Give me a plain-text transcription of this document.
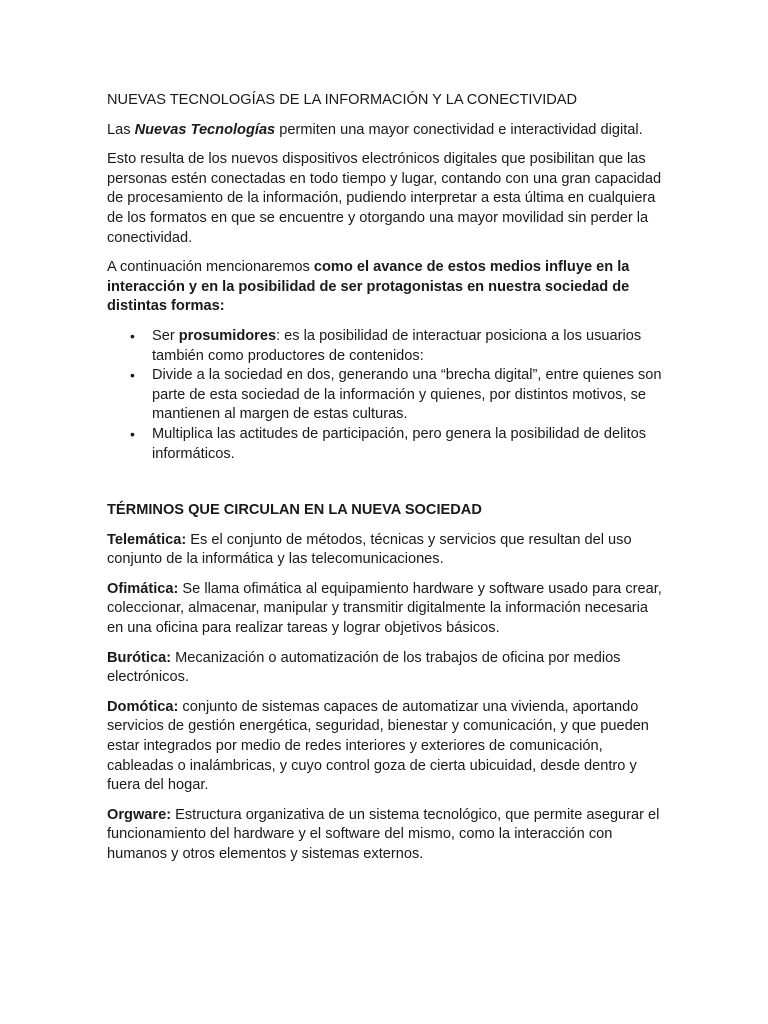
NUEVAS TECNOLOGÍAS DE LA INFORMACIÓN Y LA CONECTIVIDAD

Las Nuevas Tecnologías permiten una mayor conectividad e interactividad digital.

Esto resulta de los nuevos dispositivos electrónicos digitales que posibilitan que las personas estén conectadas en todo tiempo y lugar, contando con una gran capacidad de procesamiento de la información, pudiendo interpretar a esta última en cualquiera de los formatos en que se encuentre y otorgando una mayor movilidad sin perder la conectividad.

A continuación mencionaremos como el avance de estos medios influye en la interacción y en la posibilidad de ser protagonistas en nuestra sociedad de distintas formas:

• Ser prosumidores: es la posibilidad de interactuar posiciona a los usuarios también como productores de contenidos:
• Divide a la sociedad en dos, generando una “brecha digital”, entre quienes son parte de esta sociedad de la información y quienes, por distintos motivos, se mantienen al margen de estas culturas.
• Multiplica las actitudes de participación, pero genera la posibilidad de delitos informáticos.

TÉRMINOS QUE CIRCULAN EN LA NUEVA SOCIEDAD

Telemática: Es el conjunto de métodos, técnicas y servicios que resultan del uso conjunto de la informática y las telecomunicaciones.

Ofimática: Se llama ofimática al equipamiento hardware y software usado para crear, coleccionar, almacenar, manipular y transmitir digitalmente la información necesaria en una oficina para realizar tareas y lograr objetivos básicos.

Burótica: Mecanización o automatización de los trabajos de oficina por medios electrónicos.

Domótica: conjunto de sistemas capaces de automatizar una vivienda, aportando servicios de gestión energética, seguridad, bienestar y comunicación, y que pueden estar integrados por medio de redes interiores y exteriores de comunicación, cableadas o inalámbricas, y cuyo control goza de cierta ubicuidad, desde dentro y fuera del hogar.

Orgware: Estructura organizativa de un sistema tecnológico, que permite asegurar el funcionamiento del hardware y el software del mismo, como la interacción con humanos y otros elementos y sistemas externos.
